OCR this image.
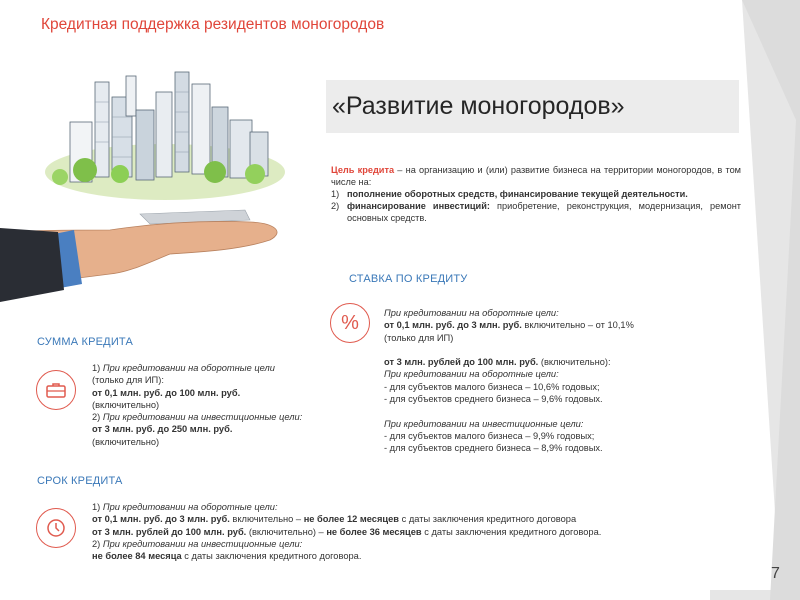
Кредитная поддержка резидентов моногородов
«Развитие моногородов»
Цель кредита – на организацию и (или) развитие бизнеса на территории моногородов, в том числе на:
1) пополнение оборотных средств, финансирование текущей деятельности.
2) финансирование инвестиций: приобретение, реконструкция, модернизация, ремонт основных средств.
СТАВКА ПО КРЕДИТУ
%	При кредитовании на оборотные цели:

от 0,1 млн. руб. до 3 млн. руб. включительно – от 10,1%

(только для ИП)

от 3 млн. рублей до 100 млн. руб. (включительно):

При кредитовании на оборотные цели:

- для субъектов малого бизнеса – 10,6% годовых;

- для субъектов среднего бизнеса – 9,6% годовых.

При кредитовании на инвестиционные цели:

- для субъектов малого бизнеса – 9,9% годовых;

- для субъектов среднего бизнеса – 8,9% годовых.

СУММА КРЕДИТА

1) При кредитовании на оборотные цели

(только для ИП):

от 0,1 млн. руб. до 100 млн. руб.

(включительно)

2) При кредитовании на инвестиционные цели:

от 3 млн. руб. до 250 млн. руб.

(включительно)

СРОК КРЕДИТА

1) При кредитовании на оборотные цели:

от 0,1 млн. руб. до 3 млн. руб. включительно – не более 12 месяцев с даты заключения кредитного договора

от 3 млн. рублей до 100 млн. руб. (включительно) – не более 36 месяцев с даты заключения кредитного договора.

2) При кредитовании на инвестиционные цели:

не более 84 месяца с даты заключения кредитного договора.

7
